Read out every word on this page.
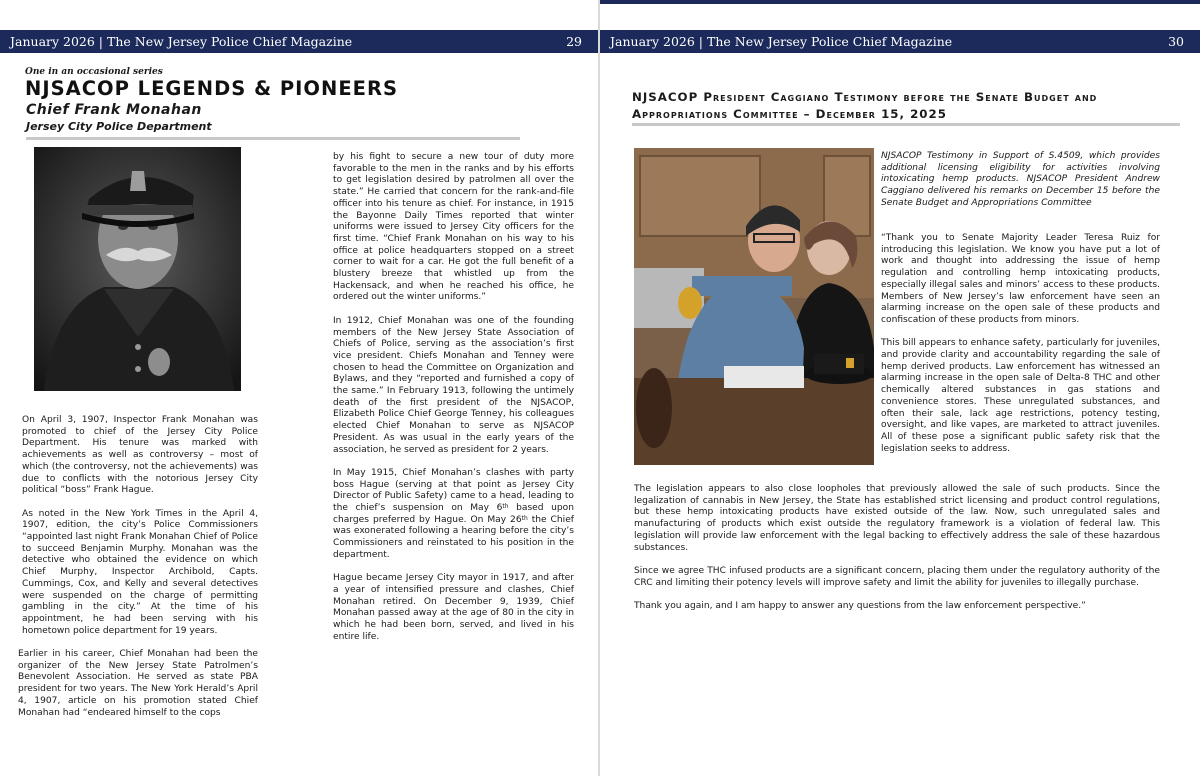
January 2026 | The New Jersey Police Chief Magazine	29
One in an occasional series
NJSACOP LEGENDS & PIONEERS
Chief Frank Monahan
Jersey City Police Department

On April 3, 1907, Inspector Frank Monahan was promoted to chief of the Jersey City Police Department. His tenure was marked with achievements as well as controversy – most of which (the controversy, not the achievements) was due to conflicts with the notorious Jersey City political “boss” Frank Hague.

As noted in the New York Times in the April 4, 1907, edition, the city’s Police Commissioners “appointed last night Frank Monahan Chief of Police to succeed Benjamin Murphy. Monahan was the detective who obtained the evidence on which Chief Murphy, Inspector Archibold, Capts. Cummings, Cox, and Kelly and several detectives were suspended on the charge of permitting gambling in the city.” At the time of his appointment, he had been serving with his hometown police department for 19 years.

Earlier in his career, Chief Monahan had been the organizer of the New Jersey State Patrolmen’s Benevolent Association. He served as state PBA president for two years. The New York Herald’s April 4, 1907, article on his promotion stated Chief Monahan had “endeared himself to the cops

by his fight to secure a new tour of duty more favorable to the men in the ranks and by his efforts to get legislation desired by patrolmen all over the state.” He carried that concern for the rank-and-file officer into his tenure as chief. For instance, in 1915 the Bayonne Daily Times reported that winter uniforms were issued to Jersey City officers for the first time. “Chief Frank Monahan on his way to his office at police headquarters stopped on a street corner to wait for a car. He got the full benefit of a blustery breeze that whistled up from the Hackensack, and when he reached his office, he ordered out the winter uniforms.”

In 1912, Chief Monahan was one of the founding members of the New Jersey State Association of Chiefs of Police, serving as the association’s first vice president. Chiefs Monahan and Tenney were chosen to head the Committee on Organization and Bylaws, and they “reported and furnished a copy of the same.” In February 1913, following the untimely death of the first president of the NJSACOP, Elizabeth Police Chief George Tenney, his colleagues elected Chief Monahan to serve as NJSACOP President. As was usual in the early years of the association, he served as president for 2 years.

In May 1915, Chief Monahan’s clashes with party boss Hague (serving at that point as Jersey City Director of Public Safety) came to a head, leading to the chief’s suspension on May 6th based upon charges preferred by Hague. On May 26th the Chief was exonerated following a hearing before the city’s Commissioners and reinstated to his position in the department.

Hague became Jersey City mayor in 1917, and after a year of intensified pressure and clashes, Chief Monahan retired. On December 9, 1939, Chief Monahan passed away at the age of 80 in the city in which he had been born, served, and lived in his entire life.

January 2026 | The New Jersey Police Chief Magazine	30
NJSACOP President Caggiano Testimony before the Senate Budget and Appropriations Committee – December 15, 2025
NJSACOP Testimony in Support of S.4509, which provides additional licensing eligibility for activities involving intoxicating hemp products. NJSACOP President Andrew Caggiano delivered his remarks on December 15 before the Senate Budget and Appropriations Committee

“Thank you to Senate Majority Leader Teresa Ruiz for introducing this legislation. We know you have put a lot of work and thought into addressing the issue of hemp regulation and controlling hemp intoxicating products, especially illegal sales and minors’ access to these products. Members of New Jersey’s law enforcement have seen an alarming increase on the open sale of these products and confiscation of these products from minors.

This bill appears to enhance safety, particularly for juveniles, and provide clarity and accountability regarding the sale of hemp derived products. Law enforcement has witnessed an alarming increase in the open sale of Delta-8 THC and other chemically altered substances in gas stations and convenience stores. These unregulated substances, and often their sale, lack age restrictions, potency testing, oversight, and like vapes, are marketed to attract juveniles. All of these pose a significant public safety risk that the legislation seeks to address.

The legislation appears to also close loopholes that previously allowed the sale of such products. Since the legalization of cannabis in New Jersey, the State has established strict licensing and product control regulations, but these hemp intoxicating products have existed outside of the law. Now, such unregulated sales and manufacturing of products which exist outside the regulatory framework is a violation of federal law. This legislation will provide law enforcement with the legal backing to effectively address the sale of these hazardous substances.

Since we agree THC infused products are a significant concern, placing them under the regulatory authority of the CRC and limiting their potency levels will improve safety and limit the ability for juveniles to illegally purchase.

Thank you again, and I am happy to answer any questions from the law enforcement perspective.”
